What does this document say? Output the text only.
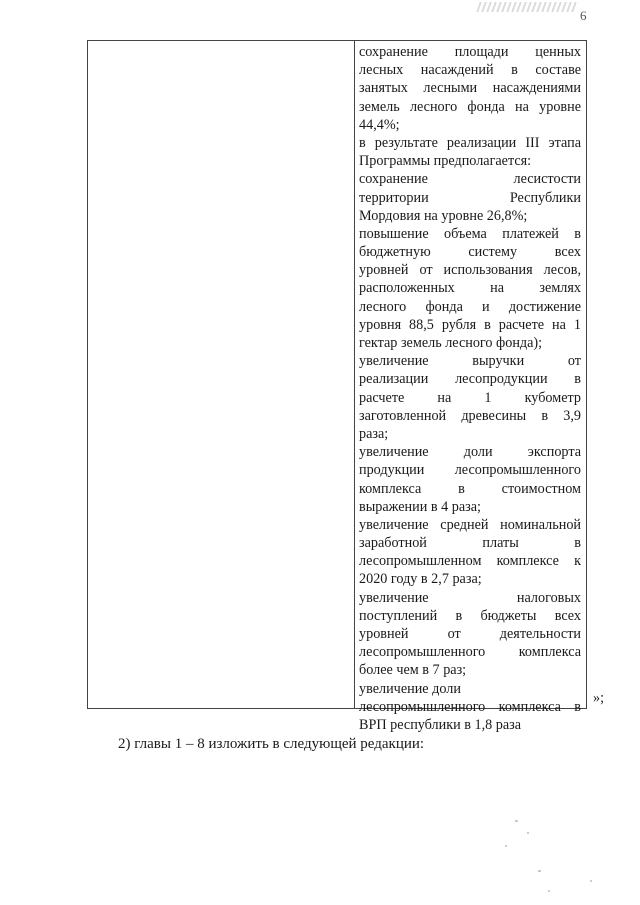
6
сохранение площади ценных
лесных насаждений в составе
занятых лесными насаждениями
земель лесного фонда на уровне
44,4%;
в результате реализации III этапа
Программы предполагается:
сохранение лесистости
территории Республики
Мордовия на уровне 26,8%;
повышение объема платежей в
бюджетную систему всех
уровней от использования лесов,
расположенных на землях
лесного фонда и достижение
уровня 88,5 рубля в расчете на 1
гектар земель лесного фонда);
увеличение выручки от
реализации лесопродукции в
расчете на 1 кубометр
заготовленной древесины в 3,9
раза;
увеличение доли экспорта
продукции лесопромышленного
комплекса в стоимостном
выражении в 4 раза;
увеличение средней номинальной
заработной платы в
лесопромышленном комплексе к
2020 году в 2,7 раза;
увеличение налоговых
поступлений в бюджеты всех
уровней от деятельности
лесопромышленного комплекса
более чем в 7 раз;
увеличение доли
лесопромышленного комплекса в
ВРП республики в 1,8 раза
»;
2) главы 1 – 8 изложить в следующей редакции:
